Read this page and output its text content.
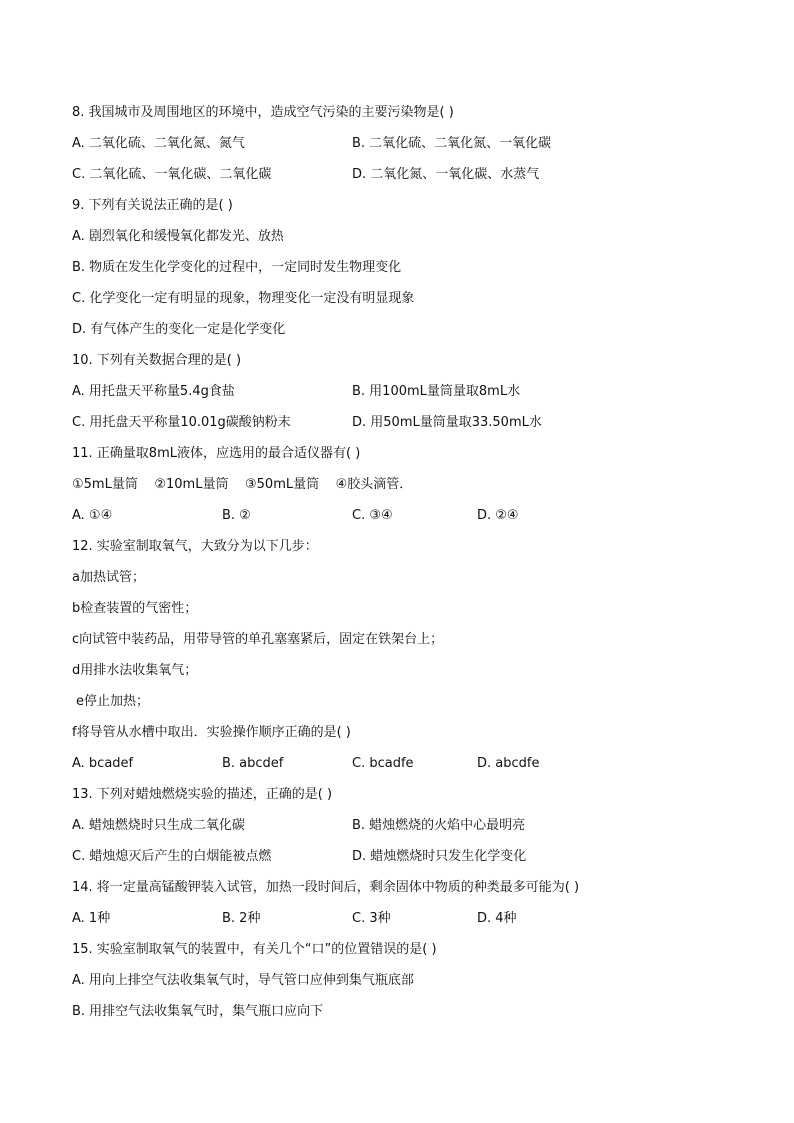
8. 我国城市及周围地区的环境中，造成空气污染的主要污染物是( )
A. 二氧化硫、二氧化氮、氮气	B. 二氧化硫、二氧化氮、一氧化碳
C. 二氧化硫、一氧化碳、二氧化碳	D. 二氧化氮、一氧化碳、水蒸气
9. 下列有关说法正确的是( )
A. 剧烈氧化和缓慢氧化都发光、放热
B. 物质在发生化学变化的过程中，一定同时发生物理变化
C. 化学变化一定有明显的现象，物理变化一定没有明显现象
D. 有气体产生的变化一定是化学变化
10. 下列有关数据合理的是( )
A. 用托盘天平称量5.4g食盐	B. 用100mL量筒量取8mL水
C. 用托盘天平称量10.01g碳酸钠粉末	D. 用50mL量筒量取33.50mL水
11. 正确量取8mL液体，应选用的最合适仪器有( )
①5mL量筒    ②10mL量筒    ③50mL量筒    ④胶头滴管．
A. ①④	B. ②	C. ③④	D. ②④
12. 实验室制取氧气，大致分为以下几步：
a加热试管；
b检查装置的气密性；
c向试管中装药品，用带导管的单孔塞塞紧后，固定在铁架台上；
d用排水法收集氧气；
e停止加热；
f将导管从水槽中取出．实验操作顺序正确的是( )
A. bcadef	B. abcdef	C. bcadfe	D. abcdfe
13. 下列对蜡烛燃烧实验的描述，正确的是( )
A. 蜡烛燃烧时只生成二氧化碳	B. 蜡烛燃烧的火焰中心最明亮
C. 蜡烛熄灭后产生的白烟能被点燃	D. 蜡烛燃烧时只发生化学变化
14. 将一定量高锰酸钾装入试管，加热一段时间后，剩余固体中物质的种类最多可能为( )
A. 1种	B. 2种	C. 3种	D. 4种
15. 实验室制取氧气的装置中，有关几个“口”的位置错误的是( )
A. 用向上排空气法收集氧气时，导气管口应伸到集气瓶底部
B. 用排空气法收集氧气时，集气瓶口应向下
